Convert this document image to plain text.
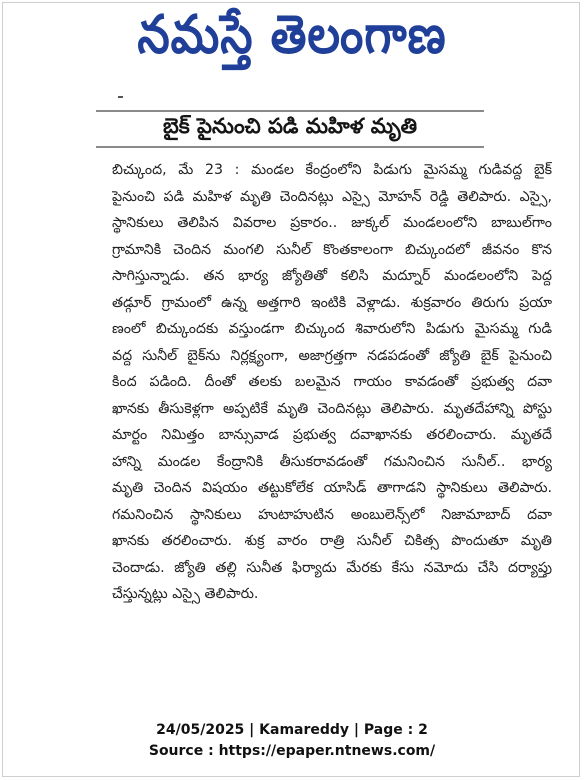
నమస్తే తెలంగాణ
బైక్ పైనుంచి పడి మహిళ మృతి
బిచ్కుంద, మే 23 : మండల కేంద్రంలోని పిడుగు మైసమ్మ గుడివద్ద బైక్
పైనుంచి పడి మహిళ మృతి చెందినట్లు ఎస్సై మోహన్ రెడ్డి తెలిపారు. ఎస్సై,
స్థానికులు తెలిపిన వివరాల ప్రకారం.. జుక్కల్ మండలంలోని బాబుల్‌గాం
గ్రామానికి చెందిన మంగలి సునీల్ కొంతకాలంగా బిచ్కుందలో జీవనం కొన
సాగిస్తున్నాడు. తన భార్య జ్యోతితో కలిసి మద్నూర్ మండలంలోని పెద్ద
తడ్గూర్ గ్రామంలో ఉన్న అత్తగారి ఇంటికి వెళ్లాడు. శుక్రవారం తిరుగు ప్రయా
ణంలో బిచ్కుందకు వస్తుండగా బిచ్కుంద శివారులోని పిడుగు మైసమ్మ గుడి
వద్ద సునీల్ బైక్‌ను నిర్లక్ష్యంగా, అజాగ్రత్తగా నడపడంతో జ్యోతి బైక్ పైనుంచి
కింద పడింది. దీంతో తలకు బలమైన గాయం కావడంతో ప్రభుత్వ దవా
ఖానకు తీసుకెళ్లగా అప్పటికే మృతి చెందినట్లు తెలిపారు. మృతదేహాన్ని పోస్టు
మార్టం నిమిత్తం బాన్సువాడ ప్రభుత్వ దవాఖానకు తరలించారు. మృతదే
హాన్ని మండల కేంద్రానికి తీసుకరావడంతో గమనించిన సునీల్.. భార్య
మృతి చెందిన విషయం తట్టుకోలేక యాసిడ్ తాగాడని స్థానికులు తెలిపారు.
గమనించిన స్థానికులు హుటాహుటిన అంబులెన్స్‌లో నిజామాబాద్ దవా
ఖానకు తరలించారు. శుక్ర వారం రాత్రి సునీల్ చికిత్స పొందుతూ మృతి
చెందాడు. జ్యోతి తల్లి సునీత ఫిర్యాదు మేరకు కేసు నమోదు చేసి దర్యాప్తు
చేస్తున్నట్లు ఎస్సై తెలిపారు.
24/05/2025 | Kamareddy | Page : 2
Source : https://epaper.ntnews.com/
